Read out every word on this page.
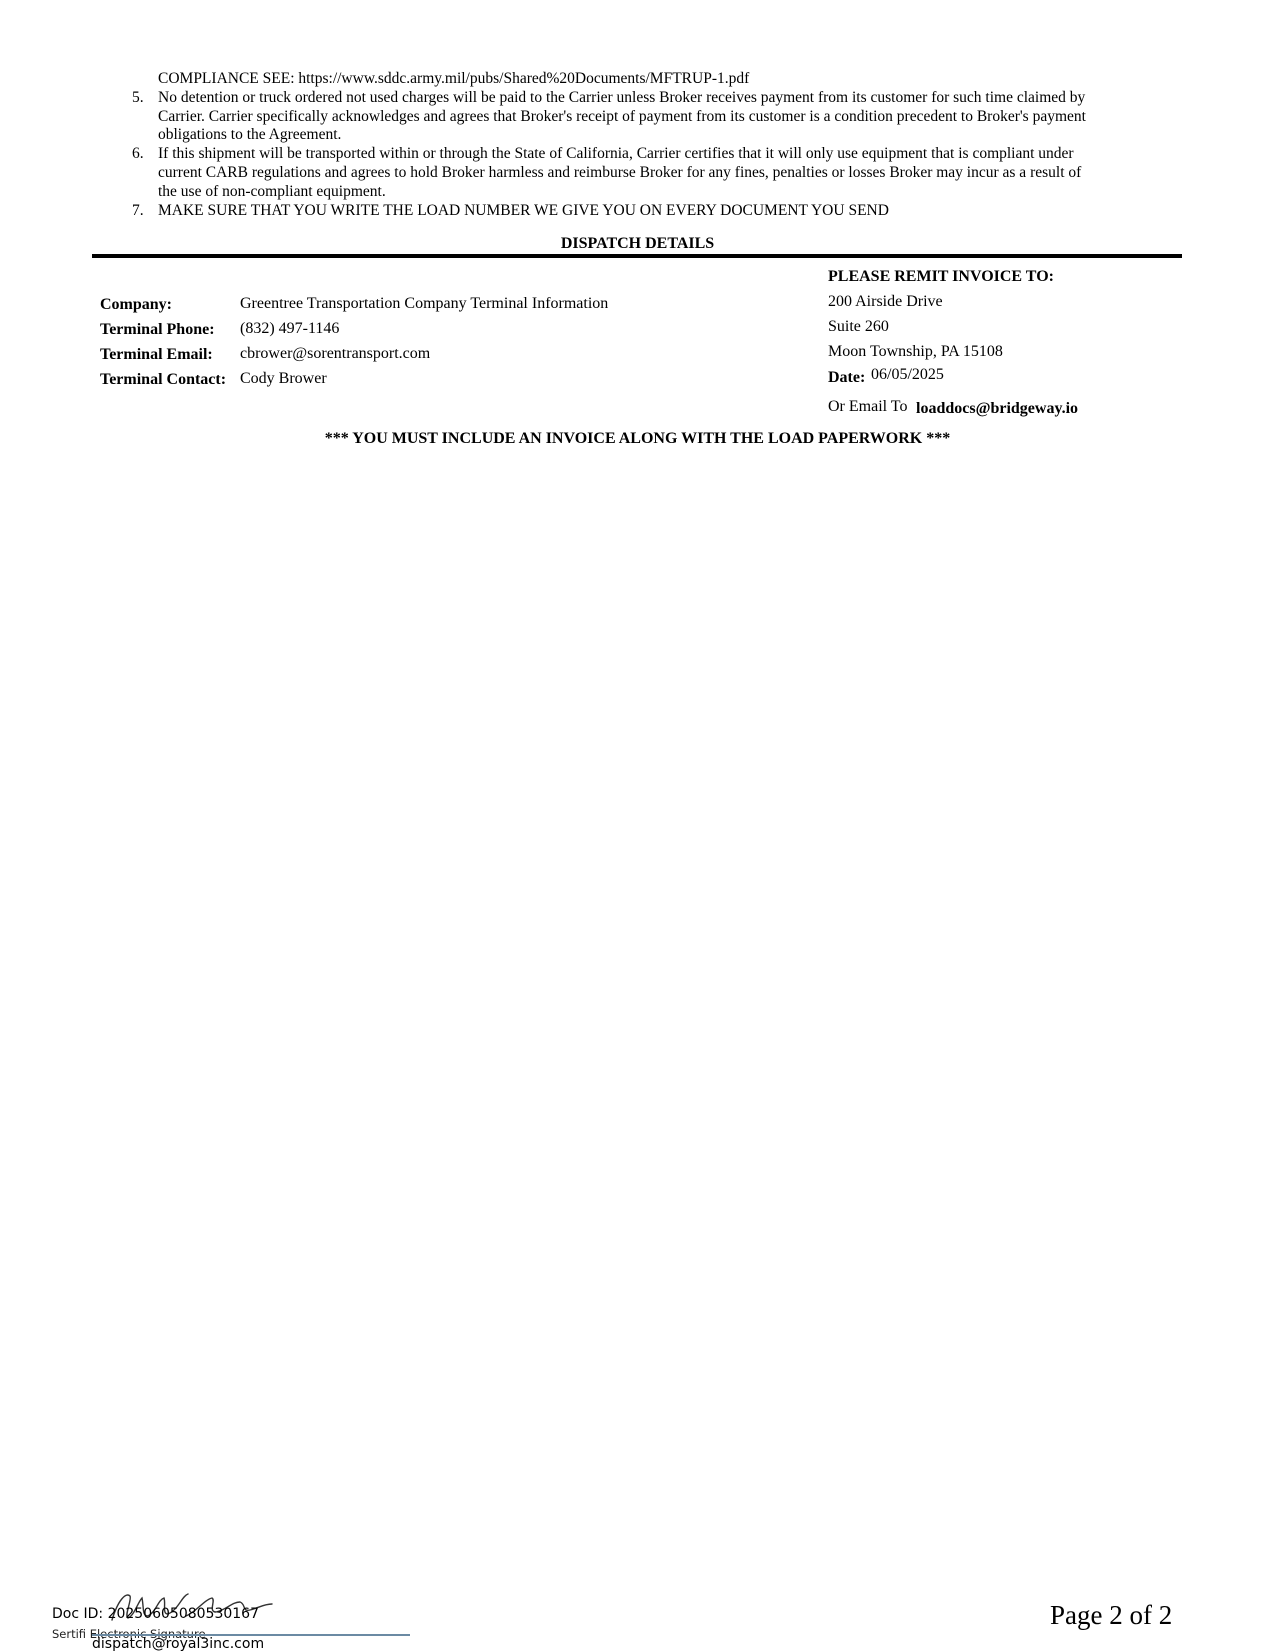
COMPLIANCE SEE: https://www.sddc.army.mil/pubs/Shared%20Documents/MFTRUP-1.pdf
5. No detention or truck ordered not used charges will be paid to the Carrier unless Broker receives payment from its customer for such time claimed by
Carrier. Carrier specifically acknowledges and agrees that Broker's receipt of payment from its customer is a condition precedent to Broker's payment
obligations to the Agreement.
6. If this shipment will be transported within or through the State of California, Carrier certifies that it will only use equipment that is compliant under
current CARB regulations and agrees to hold Broker harmless and reimburse Broker for any fines, penalties or losses Broker may incur as a result of
the use of non-compliant equipment.
7. MAKE SURE THAT YOU WRITE THE LOAD NUMBER WE GIVE YOU ON EVERY DOCUMENT YOU SEND
DISPATCH DETAILS
Company:	Greentree Transportation Company Terminal Information
Terminal Phone: (832) 497-1146
Terminal Email: cbrower@sorentransport.com
Terminal Contact: Cody Brower
PLEASE REMIT INVOICE TO:
200 Airside Drive
Suite 260
Moon Township, PA 15108
Date: 06/05/2025
Or Email To loaddocs@bridgeway.io
*** YOU MUST INCLUDE AN INVOICE ALONG WITH THE LOAD PAPERWORK ***
Doc ID: 20250605080530167
Sertifi Electronic Signature
dispatch@royal3inc.com
Page 2 of 2
